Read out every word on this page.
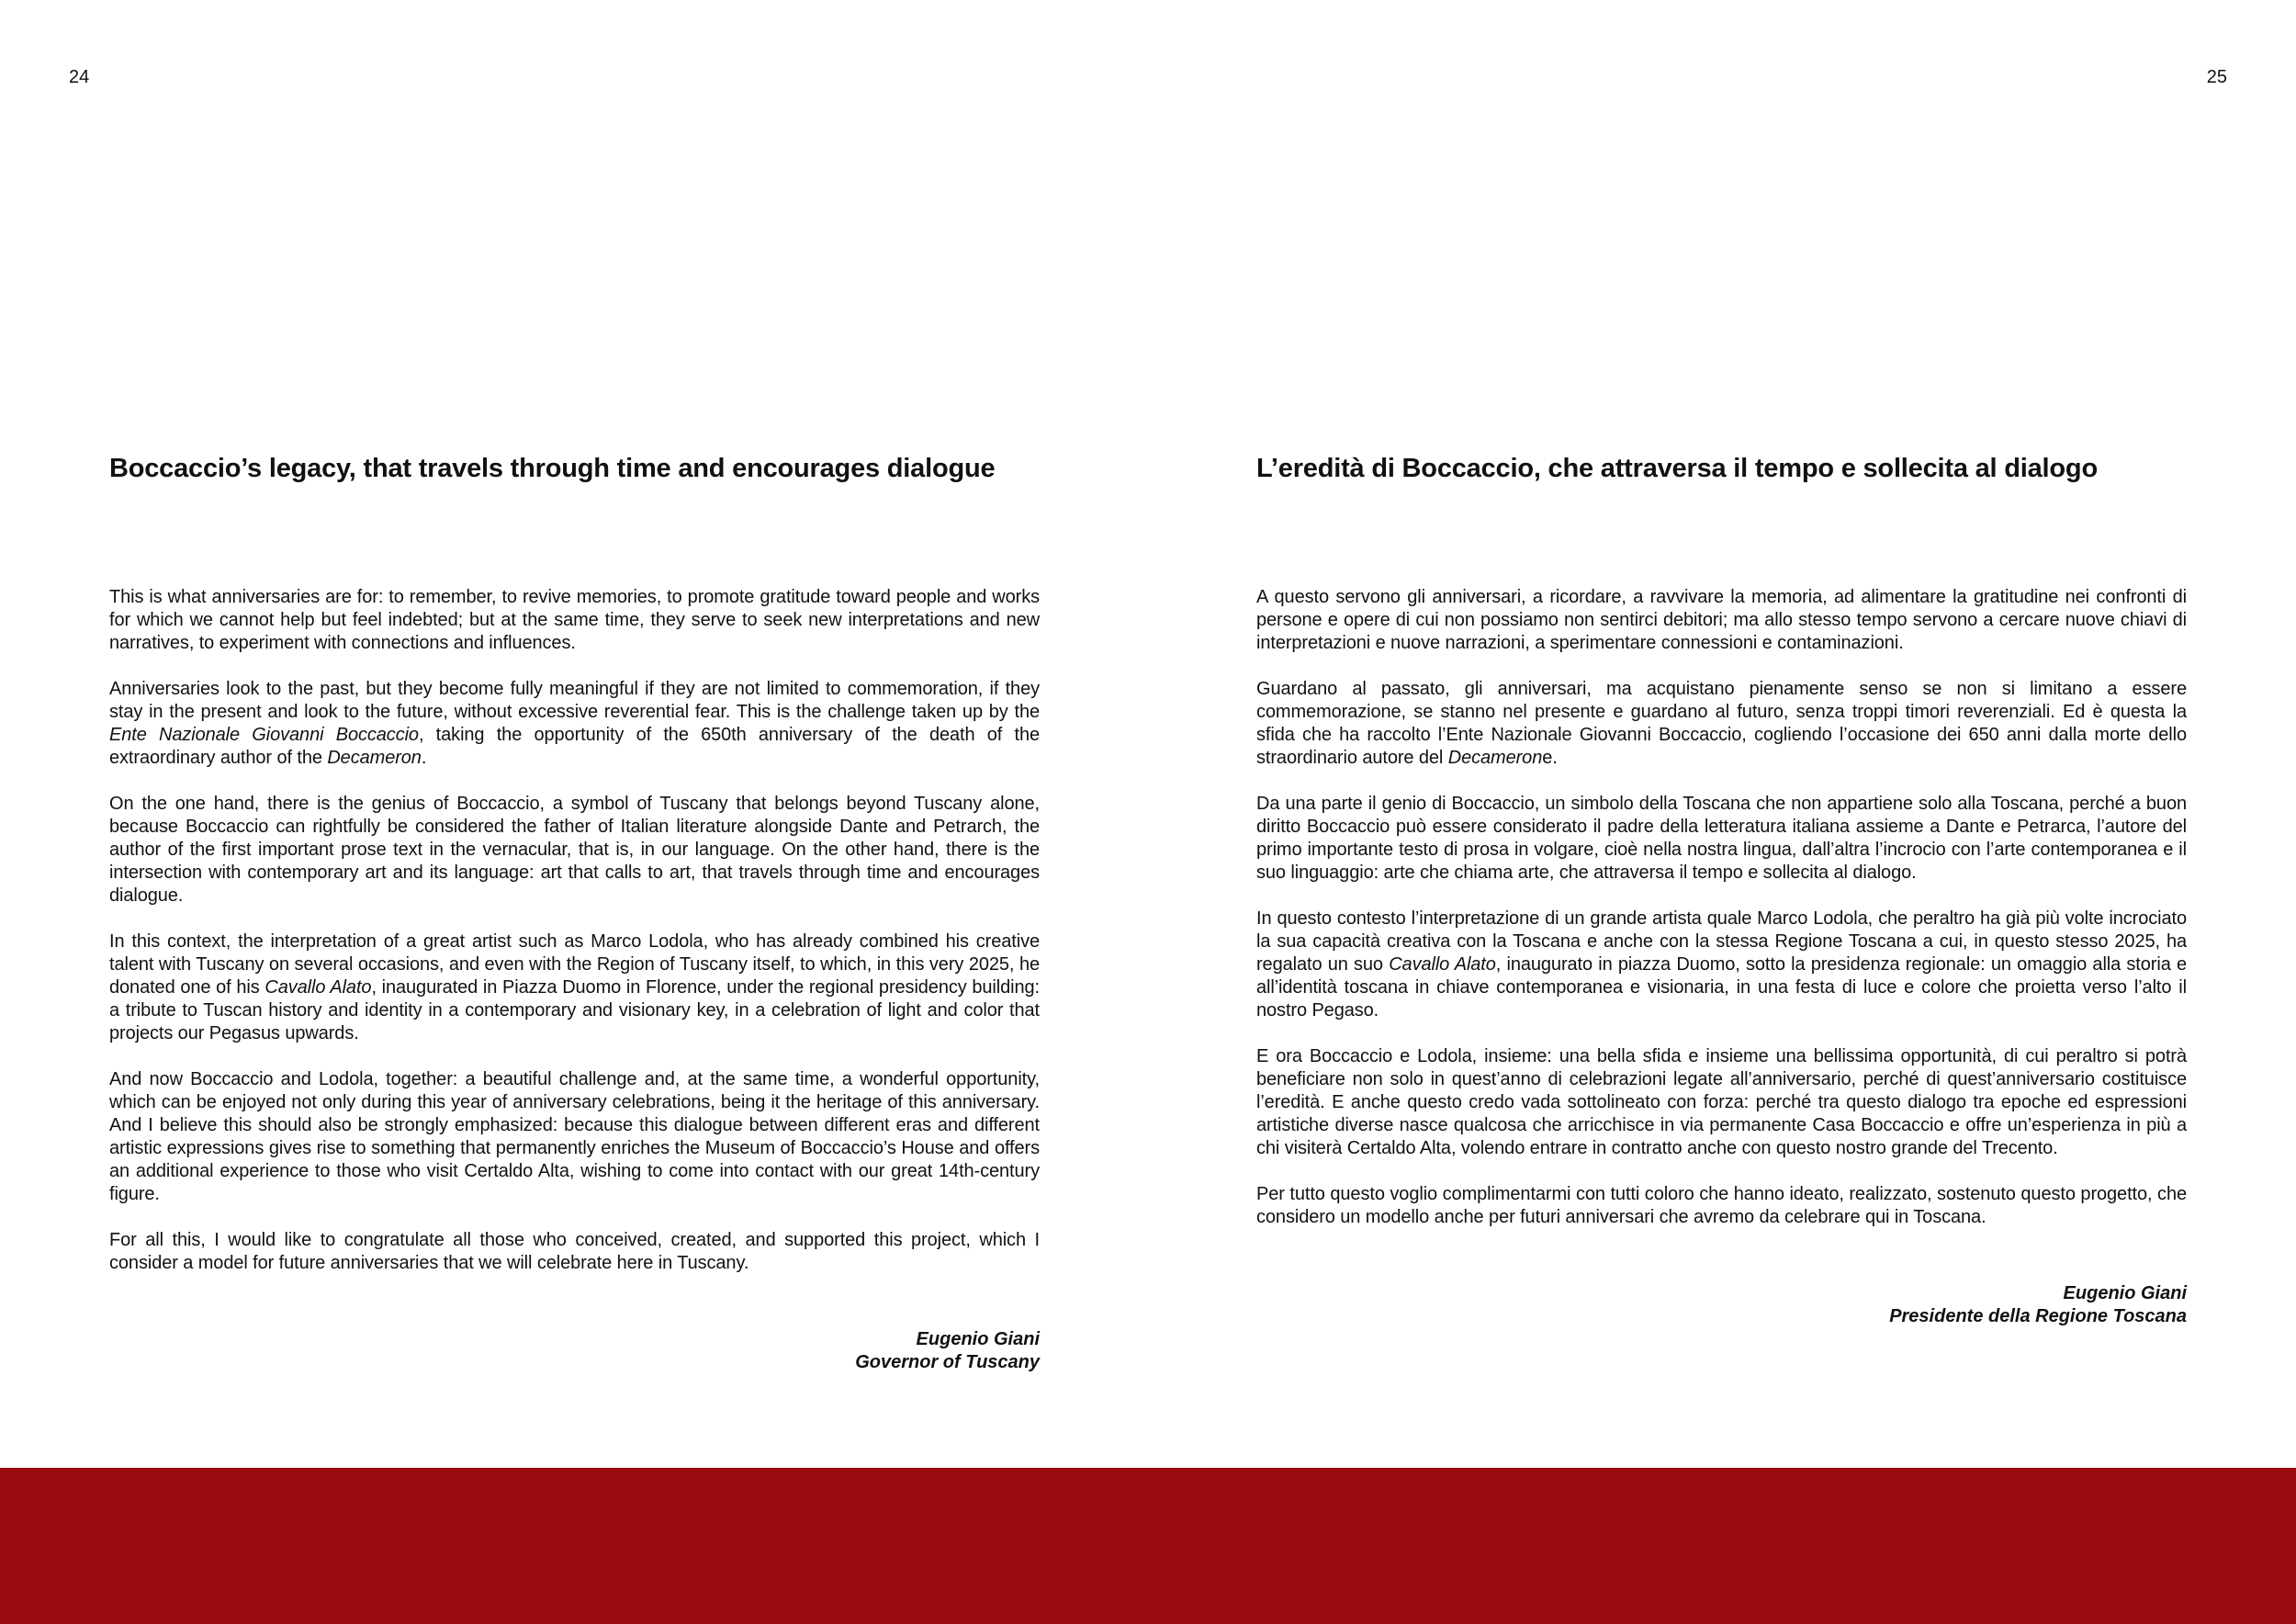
24	25
Boccaccio’s legacy, that travels through time and encourages dialogue

This is what anniversaries are for: to remember, to revive memories, to promote gratitude toward people and works for which we cannot help but feel indebted; but at the same time, they serve to seek new interpretations and new narratives, to experiment with connections and influences.

Anniversaries look to the past, but they become fully meaningful if they are not limited to commemoration, if they stay in the present and look to the future, without excessive reverential fear. This is the challenge taken up by the Ente Nazionale Giovanni Boccaccio, taking the opportunity of the 650th anniversary of the death of the extraordinary author of the Decameron.

On the one hand, there is the genius of Boccaccio, a symbol of Tuscany that belongs beyond Tuscany alone, because Boccaccio can rightfully be considered the father of Italian literature alongside Dante and Petrarch, the author of the first important prose text in the vernacular, that is, in our language. On the other hand, there is the intersection with contemporary art and its language: art that calls to art, that travels through time and encourages dialogue.

In this context, the interpretation of a great artist such as Marco Lodola, who has already combined his creative talent with Tuscany on several occasions, and even with the Region of Tuscany itself, to which, in this very 2025, he donated one of his Cavallo Alato, inaugurated in Piazza Duomo in Florence, under the regional presidency building: a tribute to Tuscan history and identity in a contemporary and visionary key, in a celebration of light and color that projects our Pegasus upwards.

And now Boccaccio and Lodola, together: a beautiful challenge and, at the same time, a wonderful opportunity, which can be enjoyed not only during this year of anniversary celebrations, being it the heritage of this anniversary. And I believe this should also be strongly emphasized: because this dialogue between different eras and different artistic expressions gives rise to something that permanently enriches the Museum of Boccaccio’s House and offers an additional experience to those who visit Certaldo Alta, wishing to come into contact with our great 14th-century figure.

For all this, I would like to congratulate all those who conceived, created, and supported this project, which I consider a model for future anniversaries that we will celebrate here in Tuscany.

Eugenio Giani
Governor of Tuscany
L’eredità di Boccaccio, che attraversa il tempo e sollecita al dialogo

A questo servono gli anniversari, a ricordare, a ravvivare la memoria, ad alimentare la gratitudine nei confronti di persone e opere di cui non possiamo non sentirci debitori; ma allo stesso tempo servono a cercare nuove chiavi di interpretazioni e nuove narrazioni, a sperimentare connessioni e contaminazioni.

Guardano al passato, gli anniversari, ma acquistano pienamente senso se non si limitano a essere commemorazione, se stanno nel presente e guardano al futuro, senza troppi timori reverenziali. Ed è questa la sfida che ha raccolto l’Ente Nazionale Giovanni Boccaccio, cogliendo l’occasione dei 650 anni dalla morte dello straordinario autore del Decamerone.

Da una parte il genio di Boccaccio, un simbolo della Toscana che non appartiene solo alla Toscana, perché a buon diritto Boccaccio può essere considerato il padre della letteratura italiana assieme a Dante e Petrarca, l’autore del primo importante testo di prosa in volgare, cioè nella nostra lingua, dall’altra l’incrocio con l’arte contemporanea e il suo linguaggio: arte che chiama arte, che attraversa il tempo e sollecita al dialogo.

In questo contesto l’interpretazione di un grande artista quale Marco Lodola, che peraltro ha già più volte incrociato la sua capacità creativa con la Toscana e anche con la stessa Regione Toscana a cui, in questo stesso 2025, ha regalato un suo Cavallo Alato, inaugurato in piazza Duomo, sotto la presidenza regionale: un omaggio alla storia e all’identità toscana in chiave contemporanea e visionaria, in una festa di luce e colore che proietta verso l’alto il nostro Pegaso.

E ora Boccaccio e Lodola, insieme: una bella sfida e insieme una bellissima opportunità, di cui peraltro si potrà beneficiare non solo in quest’anno di celebrazioni legate all’anniversario, perché di quest’anniversario costituisce l’eredità. E anche questo credo vada sottolineato con forza: perché tra questo dialogo tra epoche ed espressioni artistiche diverse nasce qualcosa che arricchisce in via permanente Casa Boccaccio e offre un’esperienza in più a chi visiterà Certaldo Alta, volendo entrare in contratto anche con questo nostro grande del Trecento.

Per tutto questo voglio complimentarmi con tutti coloro che hanno ideato, realizzato, sostenuto questo progetto, che considero un modello anche per futuri anniversari che avremo da celebrare qui in Toscana.

Eugenio Giani
Presidente della Regione Toscana
